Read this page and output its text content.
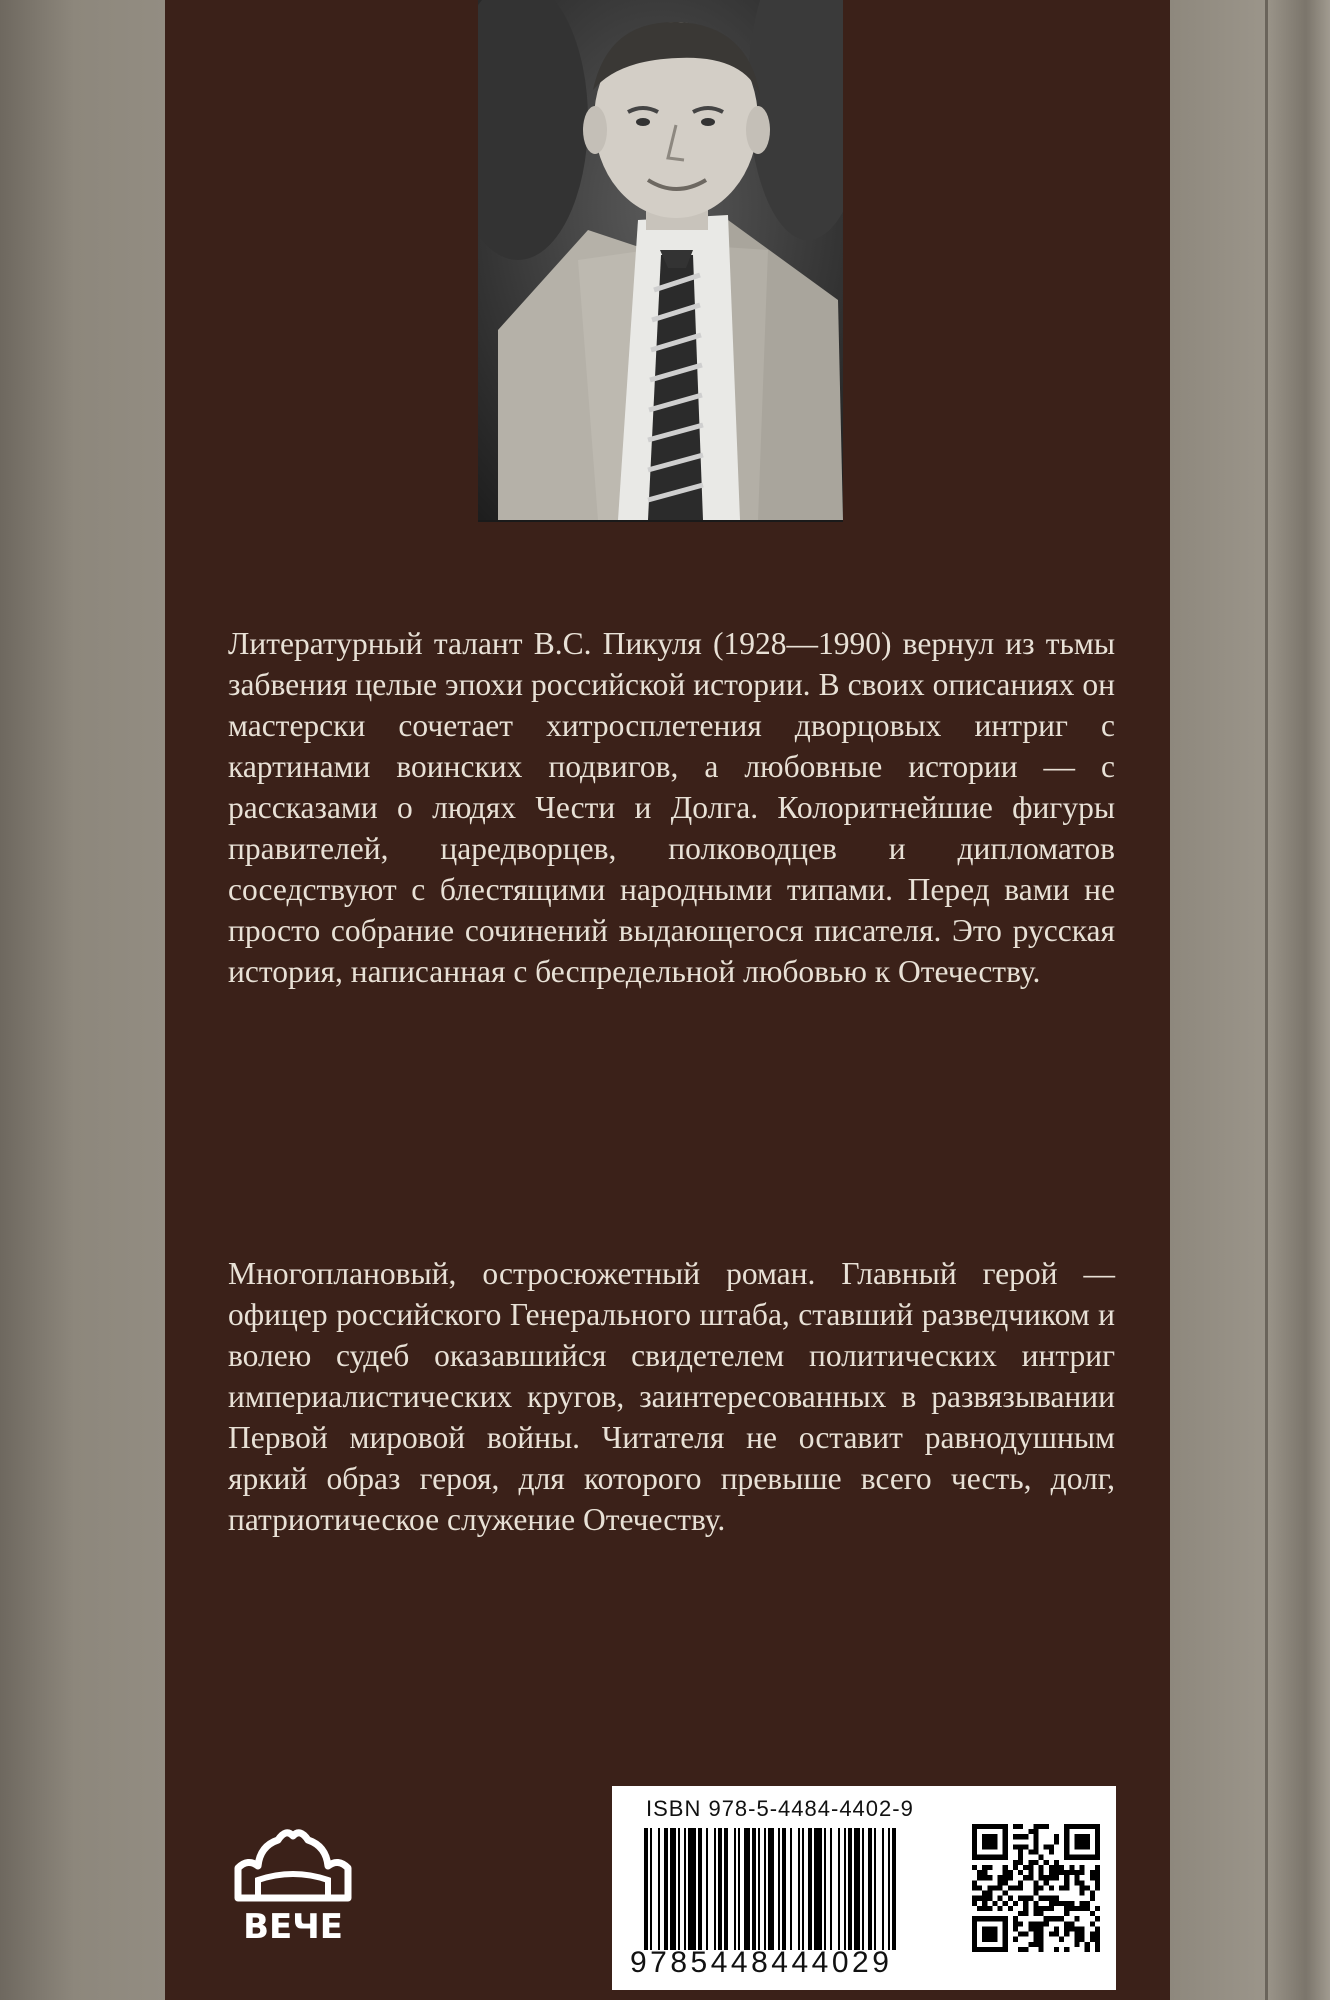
Литературный талант В.С. Пикуля (1928—1990) вернул из тьмы забвения целые эпохи российской истории. В своих описаниях он мастерски сочетает хитросплетения дворцовых интриг с картинами воинских подвигов, а любовные истории — с рассказами о людях Чести и Долга. Колоритнейшие фигуры правителей, царедворцев, полководцев и дипломатов соседствуют с блестящими народными типами. Перед вами не просто собрание сочинений выдающегося писателя. Это русская история, написанная с беспредельной любовью к Отечеству.

Многоплановый, остросюжетный роман. Главный герой — офицер российского Генерального штаба, ставший разведчиком и волею судеб оказавшийся свидетелем политических интриг империалистических кругов, заинтересованных в развязывании Первой мировой войны. Читателя не оставит равнодушным яркий образ героя, для которого превыше всего честь, долг, патриотическое служение Отечеству.

ВЕЧЕ
ISBN 978-5-4484-4402-9
9785448444029
